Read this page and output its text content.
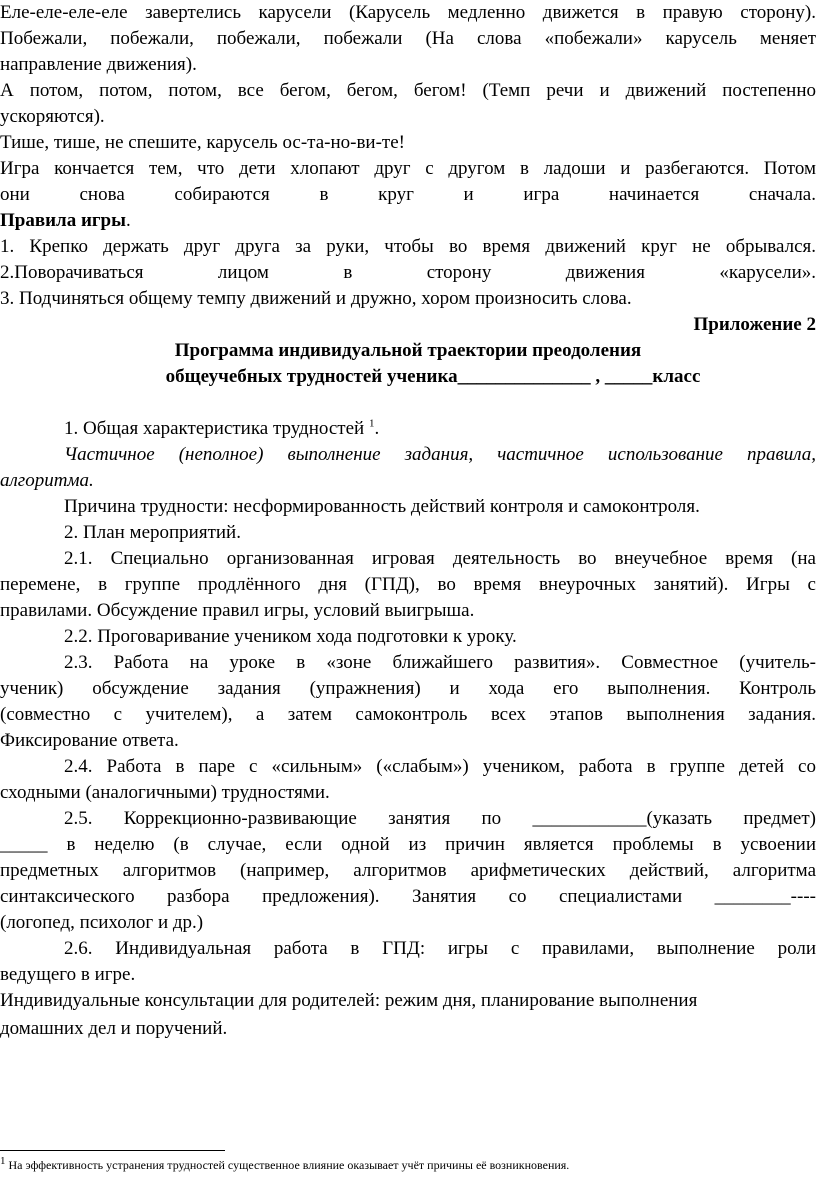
Еле-еле-еле-еле завертелись карусели (Карусель медленно движется в правую сторону).
Побежали, побежали, побежали, побежали (На слова «побежали» карусель меняет
направление движения).
А потом, потом, потом, все бегом, бегом, бегом! (Темп речи и движений постепенно
ускоряются).
Тише, тише, не спешите, карусель ос-та-но-ви-те!
Игра кончается тем, что дети хлопают друг с другом в ладоши и разбегаются. Потом
они снова собираются в круг и игра начинается сначала.
Правила игры.
1. Крепко держать друг друга за руки, чтобы во время движений круг не обрывался.
2.Поворачиваться лицом в сторону движения «карусели».
3. Подчиняться общему темпу движений и дружно, хором произносить слова.
Приложение 2
Программа индивидуальной траектории преодоления
общеучебных трудностей ученика______________ , _____класс
1. Общая характеристика трудностей $^1$.
Частичное (неполное) выполнение задания, частичное использование правила,
алгоритма.
Причина трудности: несформированность действий контроля и самоконтроля.
2. План мероприятий.
2.1. Специально организованная игровая деятельность во внеучебное время (на
перемене, в группе продлённого дня (ГПД), во время внеурочных занятий). Игры с
правилами. Обсуждение правил игры, условий выигрыша.
2.2. Проговаривание учеником хода подготовки к уроку.
2.3. Работа на уроке в «зоне ближайшего развития». Совместное (учитель-
ученик) обсуждение задания (упражнения) и хода его выполнения. Контроль
(совместно с учителем), а затем самоконтроль всех этапов выполнения задания.
Фиксирование ответа.
2.4. Работа в паре с «сильным» («слабым») учеником, работа в группе детей со
сходными (аналогичными) трудностями.
2.5. Коррекционно-развивающие занятия по ____________(указать предмет)
_____ в неделю (в случае, если одной из причин является проблемы в усвоении
предметных алгоритмов (например, алгоритмов арифметических действий, алгоритма
синтаксического разбора предложения). Занятия со специалистами ________----
(логопед, психолог и др.)
2.6. Индивидуальная работа в ГПД: игры с правилами, выполнение роли
ведущего в игре.
Индивидуальные консультации для родителей: режим дня, планирование выполнения
домашних дел и поручений.
$^1$ На эффективность устранения трудностей существенное влияние оказывает учёт причины её возникновения.
